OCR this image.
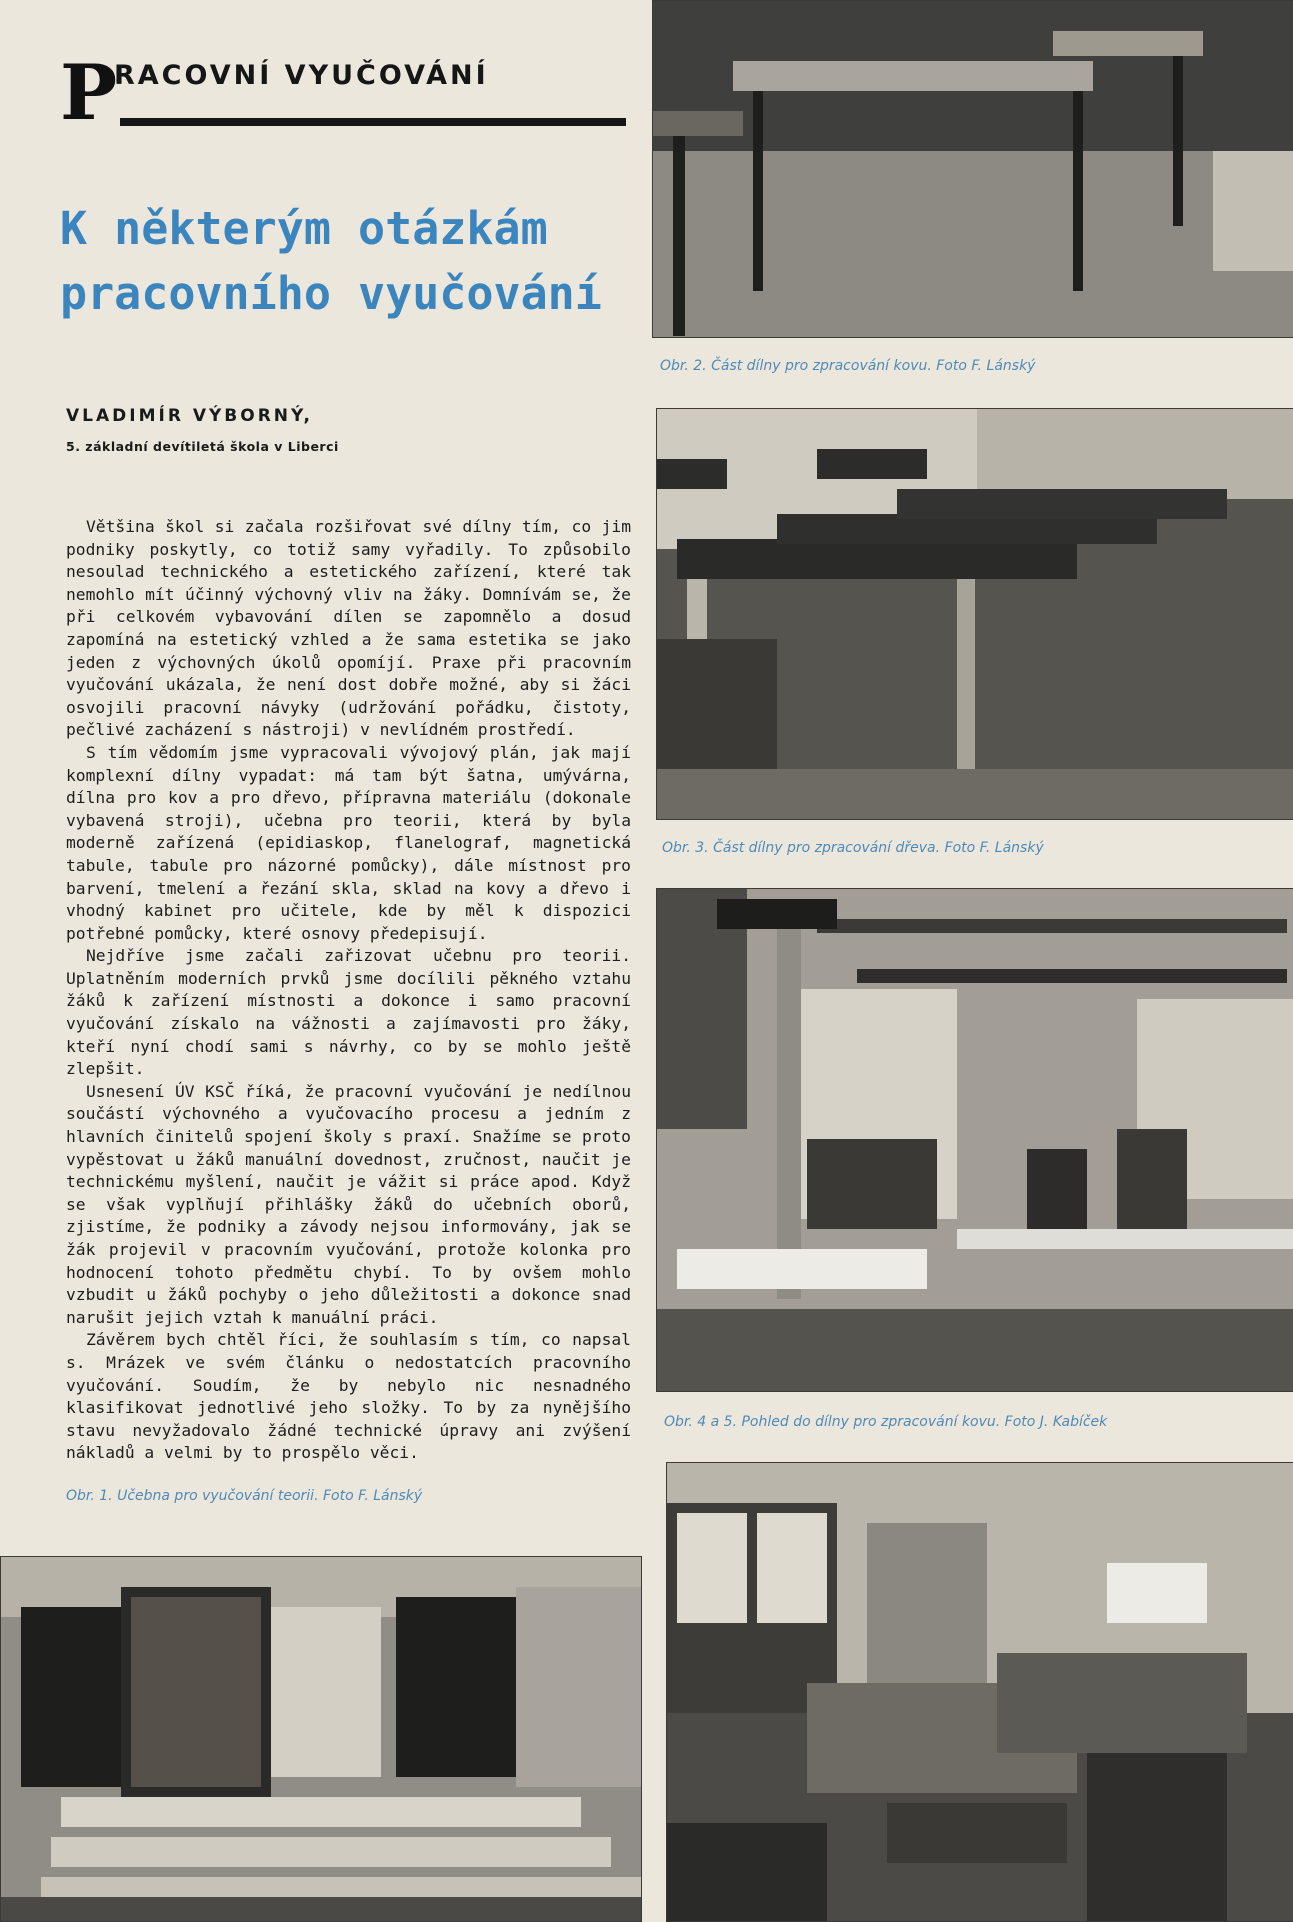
P
RACOVNÍ VYUČOVÁNÍ
K některým otázkám
pracovního vyučování
VLADIMÍR VÝBORNÝ,
5. základní devítiletá škola v Liberci

Většina škol si začala rozšiřovat své dílny tím, co jim podniky poskytly, co totiž samy vyřadily. To způsobilo nesoulad technického a estetického zařízení, které tak nemohlo mít účinný výchovný vliv na žáky. Domnívám se, že při celkovém vybavování dílen se zapomnělo a dosud zapomíná na estetický vzhled a že sama estetika se jako jeden z výchovných úkolů opomíjí. Praxe při pracovním vyučování ukázala, že není dost dobře možné, aby si žáci osvojili pracovní návyky (udržování pořádku, čistoty, pečlivé zacházení s nástroji) v nevlídném prostředí.

S tím vědomím jsme vypracovali vývojový plán, jak mají komplexní dílny vypadat: má tam být šatna, umývárna, dílna pro kov a pro dřevo, přípravna materiálu (dokonale vybavená stroji), učebna pro teorii, která by byla moderně zařízená (epidiaskop, flanelograf, magnetická tabule, tabule pro názorné pomůcky), dále místnost pro barvení, tmelení a řezání skla, sklad na kovy a dřevo i vhodný kabinet pro učitele, kde by měl k dispozici potřebné pomůcky, které osnovy předepisují.

Nejdříve jsme začali zařizovat učebnu pro teorii. Uplatněním moderních prvků jsme docílili pěkného vztahu žáků k zařízení místnosti a dokonce i samo pracovní vyučování získalo na vážnosti a zajímavosti pro žáky, kteří nyní chodí sami s návrhy, co by se mohlo ještě zlepšit.

Usnesení ÚV KSČ říká, že pracovní vyučování je nedílnou součástí výchovného a vyučovacího procesu a jedním z hlavních činitelů spojení školy s praxí. Snažíme se proto vypěstovat u žáků manuální dovednost, zručnost, naučit je technickému myšlení, naučit je vážit si práce apod. Když se však vyplňují přihlášky žáků do učebních oborů, zjistíme, že podniky a závody nejsou informovány, jak se žák projevil v pracovním vyučování, protože kolonka pro hodnocení tohoto předmětu chybí. To by ovšem mohlo vzbudit u žáků pochyby o jeho důležitosti a dokonce snad narušit jejich vztah k manuální práci.

Závěrem bych chtěl říci, že souhlasím s tím, co napsal s. Mrázek ve svém článku o nedostatcích pracovního vyučování. Soudím, že by nebylo nic nesnadného klasifikovat jednotlivé jeho složky. To by za nynějšího stavu nevyžadovalo žádné technické úpravy ani zvýšení nákladů a velmi by to prospělo věci.

Obr. 1. Učebna pro vyučování teorii. Foto F. Lánský
Obr. 2. Část dílny pro zpracování kovu. Foto F. Lánský
Obr. 3. Část dílny pro zpracování dřeva. Foto F. Lánský
Obr. 4 a 5. Pohled do dílny pro zpracování kovu. Foto J. Kabíček
